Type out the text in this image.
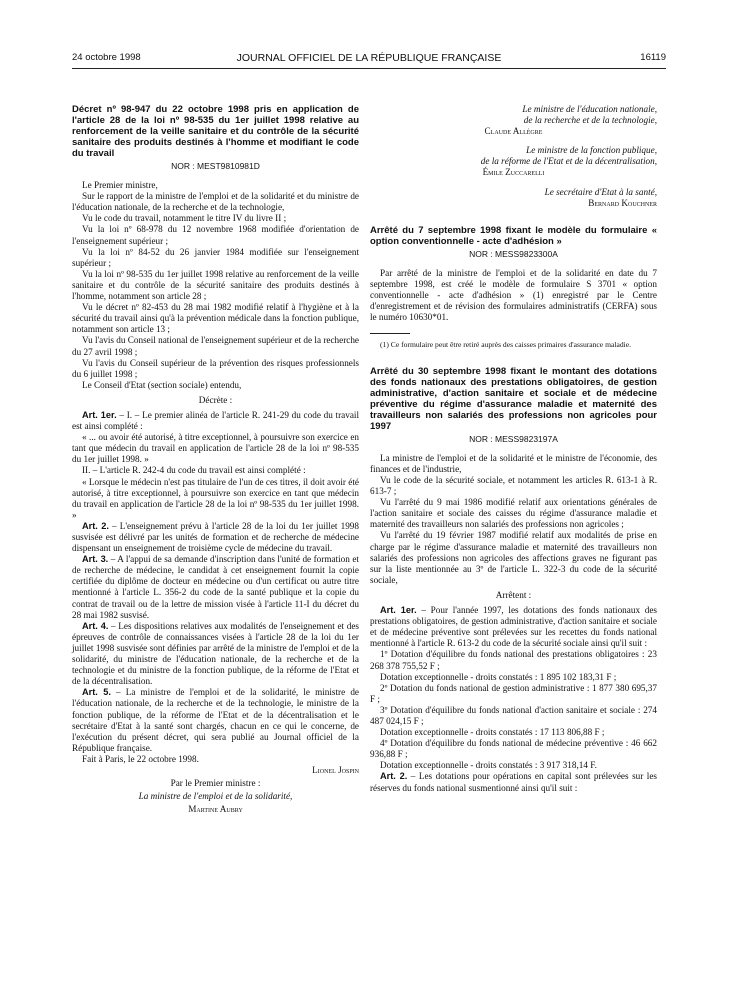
24 octobre 1998	JOURNAL OFFICIEL DE LA RÉPUBLIQUE FRANÇAISE	16119
Décret nº 98-947 du 22 octobre 1998 pris en application de l'article 28 de la loi nº 98-535 du 1er juillet 1998 relative au renforcement de la veille sanitaire et du contrôle de la sécurité sanitaire des produits destinés à l'homme et modifiant le code du travail
NOR : MESТ9810981D

Le Premier ministre,

Sur le rapport de la ministre de l'emploi et de la solidarité et du ministre de l'éducation nationale, de la recherche et de la technologie,

Vu le code du travail, notamment le titre IV du livre II ;

Vu la loi nº 68-978 du 12 novembre 1968 modifiée d'orientation de l'enseignement supérieur ;

Vu la loi nº 84-52 du 26 janvier 1984 modifiée sur l'enseignement supérieur ;

Vu la loi nº 98-535 du 1er juillet 1998 relative au renforcement de la veille sanitaire et du contrôle de la sécurité sanitaire des produits destinés à l'homme, notamment son article 28 ;

Vu le décret nº 82-453 du 28 mai 1982 modifié relatif à l'hygiène et à la sécurité du travail ainsi qu'à la prévention médicale dans la fonction publique, notamment son article 13 ;

Vu l'avis du Conseil national de l'enseignement supérieur et de la recherche du 27 avril 1998 ;

Vu l'avis du Conseil supérieur de la prévention des risques professionnels du 6 juillet 1998 ;

Le Conseil d'Etat (section sociale) entendu,

Décrète :

Art. 1er. – I. – Le premier alinéa de l'article R. 241-29 du code du travail est ainsi complété :

« ... ou avoir été autorisé, à titre exceptionnel, à poursuivre son exercice en tant que médecin du travail en application de l'article 28 de la loi nº 98-535 du 1er juillet 1998. »

II. – L'article R. 242-4 du code du travail est ainsi complété :

« Lorsque le médecin n'est pas titulaire de l'un de ces titres, il doit avoir été autorisé, à titre exceptionnel, à poursuivre son exercice en tant que médecin du travail en application de l'article 28 de la loi nº 98-535 du 1er juillet 1998. »

Art. 2. – L'enseignement prévu à l'article 28 de la loi du 1er juillet 1998 susvisée est délivré par les unités de formation et de recherche de médecine dispensant un enseignement de troisième cycle de médecine du travail.

Art. 3. – A l'appui de sa demande d'inscription dans l'unité de formation et de recherche de médecine, le candidat à cet enseignement fournit la copie certifiée du diplôme de docteur en médecine ou d'un certificat ou autre titre mentionné à l'article L. 356-2 du code de la santé publique et la copie du contrat de travail ou de la lettre de mission visée à l'article 11-I du décret du 28 mai 1982 susvisé.

Art. 4. – Les dispositions relatives aux modalités de l'enseignement et des épreuves de contrôle de connaissances visées à l'article 28 de la loi du 1er juillet 1998 susvisée sont définies par arrêté de la ministre de l'emploi et de la solidarité, du ministre de l'éducation nationale, de la recherche et de la technologie et du ministre de la fonction publique, de la réforme de l'Etat et de la décentralisation.

Art. 5. – La ministre de l'emploi et de la solidarité, le ministre de l'éducation nationale, de la recherche et de la technologie, le ministre de la fonction publique, de la réforme de l'Etat et de la décentralisation et le secrétaire d'Etat à la santé sont chargés, chacun en ce qui le concerne, de l'exécution du présent décret, qui sera publié au Journal officiel de la République française.

Fait à Paris, le 22 octobre 1998.

Lionel Jospin

Par le Premier ministre :

La ministre de l'emploi et de la solidarité,

Martine Aubry

Le ministre de l'éducation nationale,

de la recherche et de la technologie,

Claude Allègre

Le ministre de la fonction publique,

de la réforme de l'Etat et de la décentralisation,

Émile Zuccarelli

Le secrétaire d'Etat à la santé,

Bernard Kouchner

Arrêté du 7 septembre 1998 fixant le modèle du formulaire « option conventionnelle - acte d'adhésion »
NOR : MESS9823300A

Par arrêté de la ministre de l'emploi et de la solidarité en date du 7 septembre 1998, est créé le modèle de formulaire S 3701 « option conventionnelle - acte d'adhésion » (1) enregistré par le Centre d'enregistrement et de révision des formulaires administratifs (CERFA) sous le numéro 10630*01.

(1) Ce formulaire peut être retiré auprès des caisses primaires d'assurance maladie.

Arrêté du 30 septembre 1998 fixant le montant des dotations des fonds nationaux des prestations obligatoires, de gestion administrative, d'action sanitaire et sociale et de médecine préventive du régime d'assurance maladie et maternité des travailleurs non salariés des professions non agricoles pour 1997
NOR : MESS9823197A

La ministre de l'emploi et de la solidarité et le ministre de l'économie, des finances et de l'industrie,

Vu le code de la sécurité sociale, et notamment les articles R. 613-1 à R. 613-7 ;

Vu l'arrêté du 9 mai 1986 modifié relatif aux orientations générales de l'action sanitaire et sociale des caisses du régime d'assurance maladie et maternité des travailleurs non salariés des professions non agricoles ;

Vu l'arrêté du 19 février 1987 modifié relatif aux modalités de prise en charge par le régime d'assurance maladie et maternité des travailleurs non salariés des professions non agricoles des affections graves ne figurant pas sur la liste mentionnée au 3º de l'article L. 322-3 du code de la sécurité sociale,

Arrêtent :

Art. 1er. – Pour l'année 1997, les dotations des fonds nationaux des prestations obligatoires, de gestion administrative, d'action sanitaire et sociale et de médecine préventive sont prélevées sur les recettes du fonds national mentionné à l'article R. 613-2 du code de la sécurité sociale ainsi qu'il suit :

1º Dotation d'équilibre du fonds national des prestations obligatoires : 23 268 378 755,52 F ;

Dotation exceptionnelle - droits constatés : 1 895 102 183,31 F ;

2º Dotation du fonds national de gestion administrative : 1 877 380 695,37 F ;

3º Dotation d'équilibre du fonds national d'action sanitaire et sociale : 274 487 024,15 F ;

Dotation exceptionnelle - droits constatés : 17 113 806,88 F ;

4º Dotation d'équilibre du fonds national de médecine préventive : 46 662 936,88 F ;

Dotation exceptionnelle - droits constatés : 3 917 318,14 F.

Art. 2. – Les dotations pour opérations en capital sont prélevées sur les réserves du fonds national susmentionné ainsi qu'il suit :
